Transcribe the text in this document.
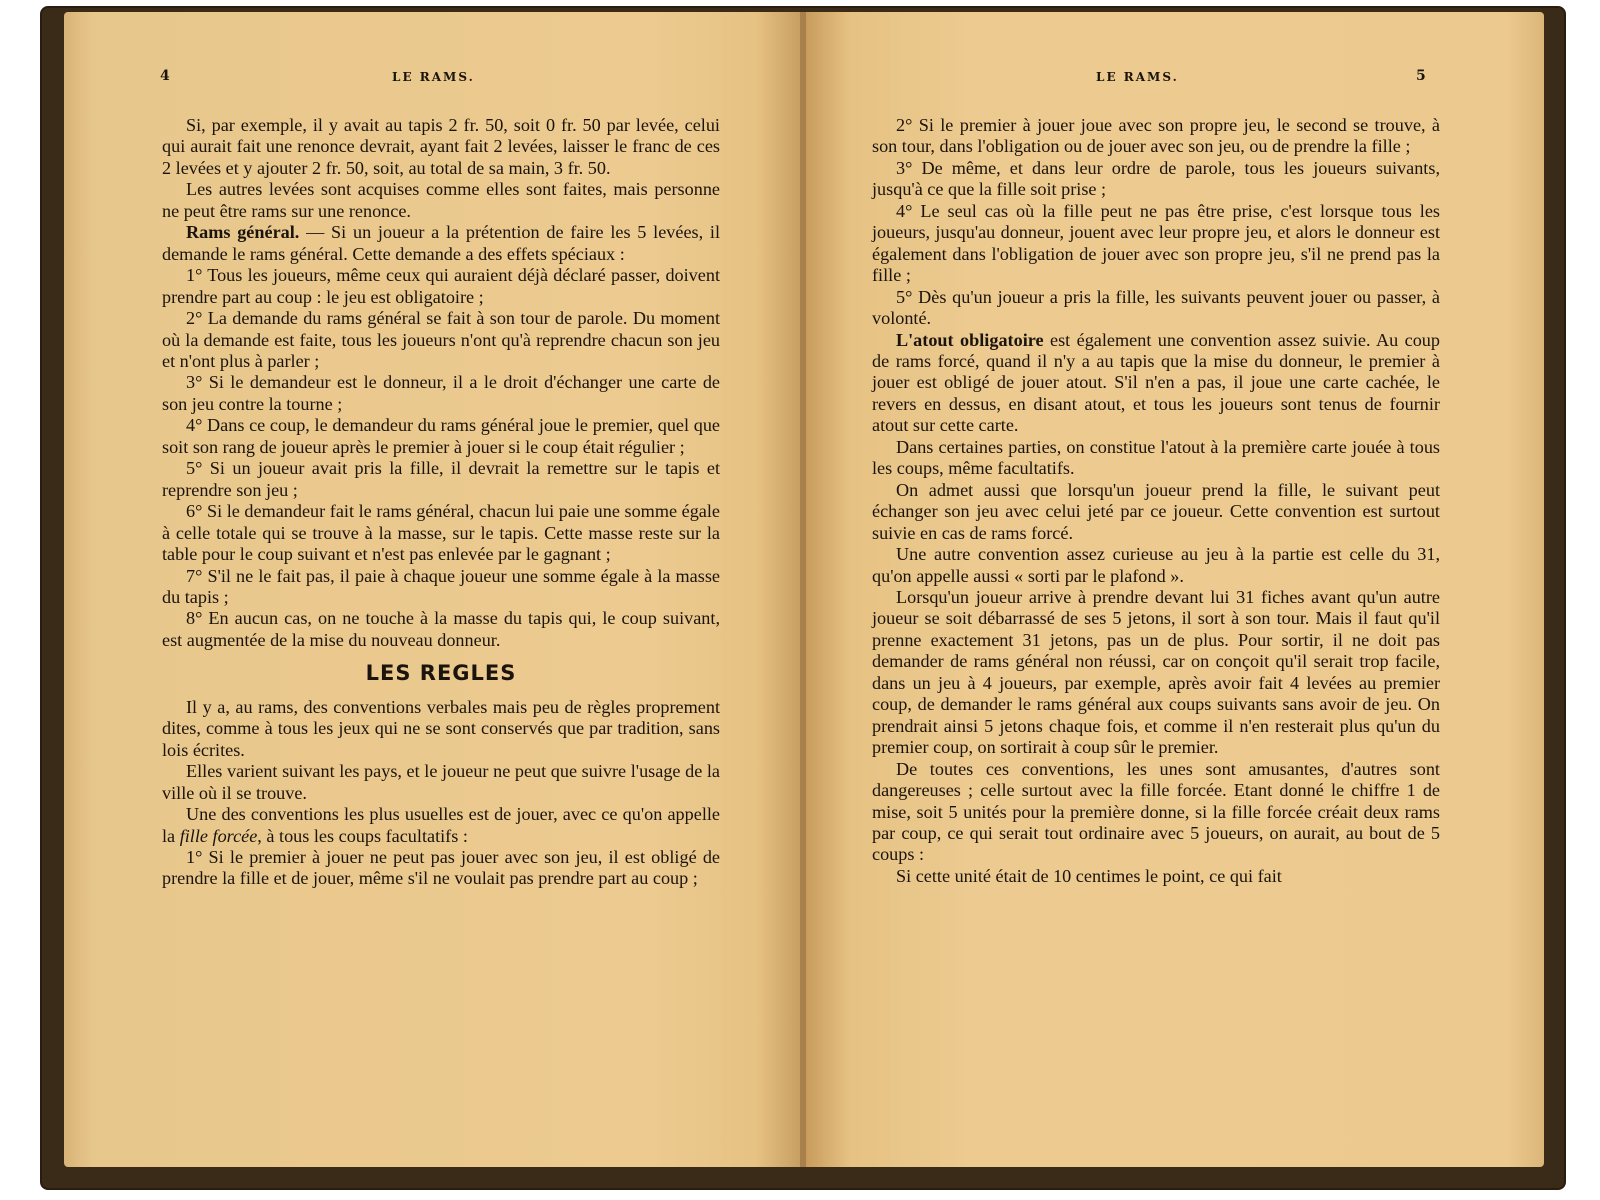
4	LE RAMS.

Si, par exemple, il y avait au tapis 2 fr. 50, soit 0 fr. 50 par levée, celui qui aurait fait une renonce devrait, ayant fait 2 levées, laisser le franc de ces 2 levées et y ajouter 2 fr. 50, soit, au total de sa main, 3 fr. 50.

Les autres levées sont acquises comme elles sont faites, mais personne ne peut être rams sur une renonce.

Rams général. — Si un joueur a la prétention de faire les 5 levées, il demande le rams général. Cette demande a des effets spéciaux :

1° Tous les joueurs, même ceux qui auraient déjà déclaré passer, doivent prendre part au coup : le jeu est obligatoire ;

2° La demande du rams général se fait à son tour de parole. Du moment où la demande est faite, tous les joueurs n'ont qu'à reprendre chacun son jeu et n'ont plus à parler ;

3° Si le demandeur est le donneur, il a le droit d'échanger une carte de son jeu contre la tourne ;

4° Dans ce coup, le demandeur du rams général joue le premier, quel que soit son rang de joueur après le premier à jouer si le coup était régulier ;

5° Si un joueur avait pris la fille, il devrait la remettre sur le tapis et reprendre son jeu ;

6° Si le demandeur fait le rams général, chacun lui paie une somme égale à celle totale qui se trouve à la masse, sur le tapis. Cette masse reste sur la table pour le coup suivant et n'est pas enlevée par le gagnant ;

7° S'il ne le fait pas, il paie à chaque joueur une somme égale à la masse du tapis ;

8° En aucun cas, on ne touche à la masse du tapis qui, le coup suivant, est augmentée de la mise du nouveau donneur.

LES REGLES

Il y a, au rams, des conventions verbales mais peu de règles proprement dites, comme à tous les jeux qui ne se sont conservés que par tradition, sans lois écrites.

Elles varient suivant les pays, et le joueur ne peut que suivre l'usage de la ville où il se trouve.

Une des conventions les plus usuelles est de jouer, avec ce qu'on appelle la fille forcée, à tous les coups facultatifs :

1° Si le premier à jouer ne peut pas jouer avec son jeu, il est obligé de prendre la fille et de jouer, même s'il ne voulait pas prendre part au coup ;

LE RAMS.	5

2° Si le premier à jouer joue avec son propre jeu, le second se trouve, à son tour, dans l'obligation ou de jouer avec son jeu, ou de prendre la fille ;

3° De même, et dans leur ordre de parole, tous les joueurs suivants, jusqu'à ce que la fille soit prise ;

4° Le seul cas où la fille peut ne pas être prise, c'est lorsque tous les joueurs, jusqu'au donneur, jouent avec leur propre jeu, et alors le donneur est également dans l'obligation de jouer avec son propre jeu, s'il ne prend pas la fille ;

5° Dès qu'un joueur a pris la fille, les suivants peuvent jouer ou passer, à volonté.

L'atout obligatoire est également une convention assez suivie. Au coup de rams forcé, quand il n'y a au tapis que la mise du donneur, le premier à jouer est obligé de jouer atout. S'il n'en a pas, il joue une carte cachée, le revers en dessus, en disant atout, et tous les joueurs sont tenus de fournir atout sur cette carte.

Dans certaines parties, on constitue l'atout à la première carte jouée à tous les coups, même facultatifs.

On admet aussi que lorsqu'un joueur prend la fille, le suivant peut échanger son jeu avec celui jeté par ce joueur. Cette convention est surtout suivie en cas de rams forcé.

Une autre convention assez curieuse au jeu à la partie est celle du 31, qu'on appelle aussi « sorti par le plafond ».

Lorsqu'un joueur arrive à prendre devant lui 31 fiches avant qu'un autre joueur se soit débarrassé de ses 5 jetons, il sort à son tour. Mais il faut qu'il prenne exactement 31 jetons, pas un de plus. Pour sortir, il ne doit pas demander de rams général non réussi, car on conçoit qu'il serait trop facile, dans un jeu à 4 joueurs, par exemple, après avoir fait 4 levées au premier coup, de demander le rams général aux coups suivants sans avoir de jeu. On prendrait ainsi 5 jetons chaque fois, et comme il n'en resterait plus qu'un du premier coup, on sortirait à coup sûr le premier.

De toutes ces conventions, les unes sont amusantes, d'autres sont dangereuses ; celle surtout avec la fille forcée. Etant donné le chiffre 1 de mise, soit 5 unités pour la première donne, si la fille forcée créait deux rams par coup, ce qui serait tout ordinaire avec 5 joueurs, on aurait, au bout de 5 coups :

Si cette unité était de 10 centimes le point, ce qui fait
